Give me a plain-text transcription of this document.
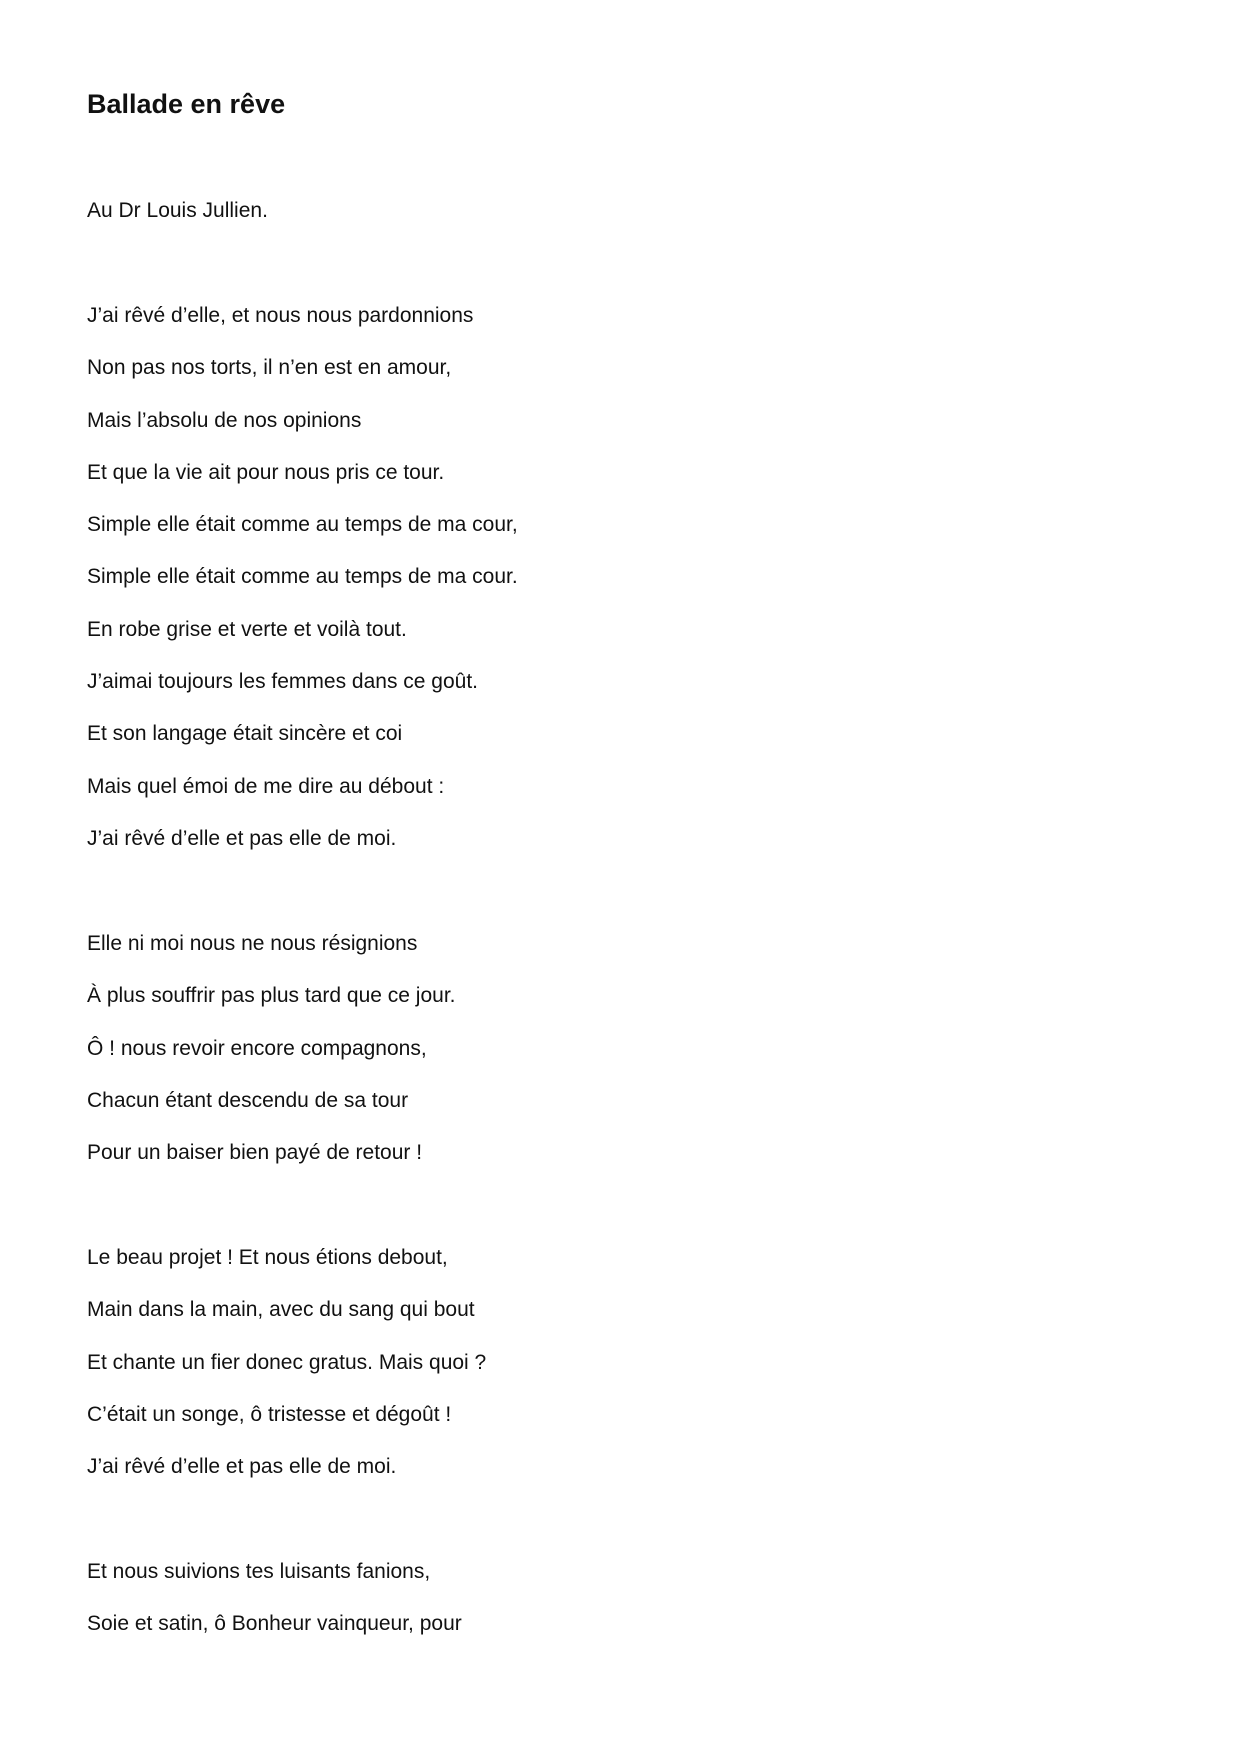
Ballade en rêve

Au Dr Louis Jullien.

J’ai rêvé d’elle, et nous nous pardonnions
Non pas nos torts, il n’en est en amour,
Mais l’absolu de nos opinions
Et que la vie ait pour nous pris ce tour.
Simple elle était comme au temps de ma cour,
Simple elle était comme au temps de ma cour.
En robe grise et verte et voilà tout.
J’aimai toujours les femmes dans ce goût.
Et son langage était sincère et coi
Mais quel émoi de me dire au débout :
J’ai rêvé d’elle et pas elle de moi.
Elle ni moi nous ne nous résignions
À plus souffrir pas plus tard que ce jour.
Ô ! nous revoir encore compagnons,
Chacun étant descendu de sa tour
Pour un baiser bien payé de retour !
Le beau projet ! Et nous étions debout,
Main dans la main, avec du sang qui bout
Et chante un fier donec gratus. Mais quoi ?
C’était un songe, ô tristesse et dégoût !
J’ai rêvé d’elle et pas elle de moi.
Et nous suivions tes luisants fanions,
Soie et satin, ô Bonheur vainqueur, pour
